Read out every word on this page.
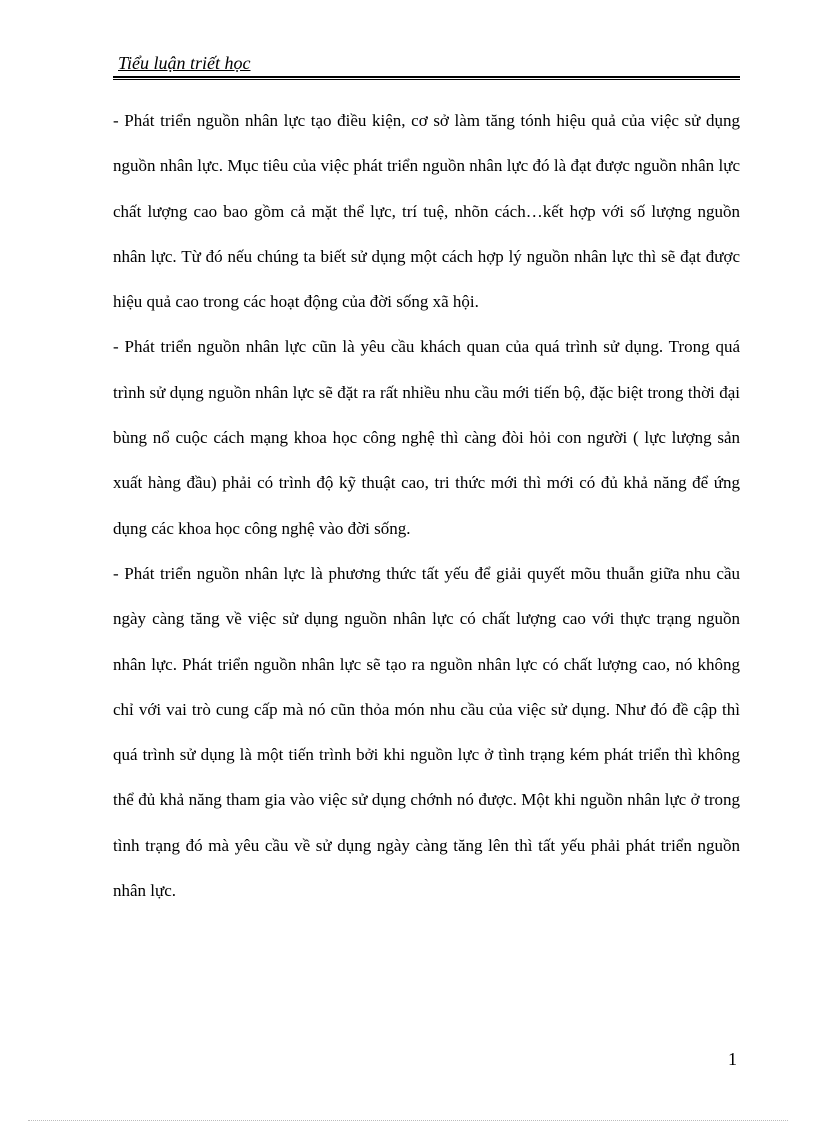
Tiểu luận triết học

- Phát triển nguồn nhân lực tạo điều kiện, cơ sở làm tăng tónh hiệu quả của việc sử dụng nguồn nhân lực. Mục tiêu của việc phát triển nguồn nhân lực đó là đạt được nguồn nhân lực chất lượng cao bao gồm cả mặt thể lực, trí tuệ, nhõn cách…kết hợp với số lượng nguồn nhân lực. Từ đó nếu chúng ta biết sử dụng một cách hợp lý nguồn nhân lực thì sẽ đạt được hiệu quả cao trong các hoạt động của đời sống xã hội.

- Phát triển nguồn nhân lực cũn là yêu cầu khách quan của quá trình sử dụng. Trong quá trình sử dụng nguồn nhân lực sẽ đặt ra rất nhiều nhu cầu mới tiến bộ, đặc biệt trong thời đại bùng nổ cuộc cách mạng khoa học công nghệ thì càng đòi hỏi con người ( lực lượng sản xuất hàng đầu) phải có trình độ kỹ thuật cao, tri thức mới thì mới có đủ khả năng để ứng dụng các khoa học công nghệ vào đời sống.

- Phát triển nguồn nhân lực là phương thức tất yếu để giải quyết mõu thuẫn giữa nhu cầu ngày càng tăng về việc sử dụng nguồn nhân lực có chất lượng cao với thực trạng nguồn nhân lực. Phát triển nguồn nhân lực sẽ tạo ra nguồn nhân lực có chất lượng cao, nó không chỉ với vai trò cung cấp mà nó cũn thỏa món nhu cầu của việc sử dụng. Như đó đề cập thì quá trình sử dụng là một tiến trình bởi khi nguồn lực ở tình trạng kém phát triển thì không thể đủ khả năng tham gia vào việc sử dụng chớnh nó được. Một khi nguồn nhân lực ở trong tình trạng đó mà yêu cầu về sử dụng ngày càng tăng lên thì tất yếu phải phát triển nguồn nhân lực.

1
